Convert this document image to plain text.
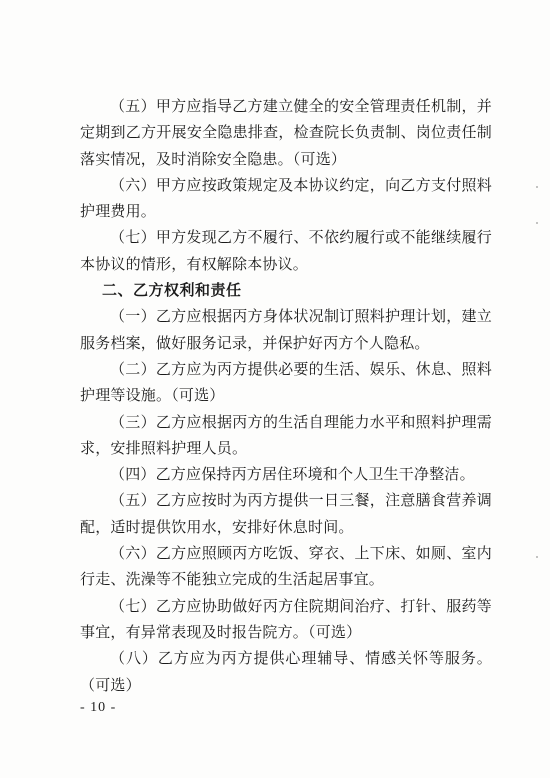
（五）甲方应指导乙方建立健全的安全管理责任机制，并定期到乙方开展安全隐患排查，检查院长负责制、岗位责任制落实情况，及时消除安全隐患。（可选）

（六）甲方应按政策规定及本协议约定，向乙方支付照料护理费用。

（七）甲方发现乙方不履行、不依约履行或不能继续履行本协议的情形，有权解除本协议。

二、乙方权利和责任

（一）乙方应根据丙方身体状况制订照料护理计划，建立服务档案，做好服务记录，并保护好丙方个人隐私。

（二）乙方应为丙方提供必要的生活、娱乐、休息、照料护理等设施。（可选）

（三）乙方应根据丙方的生活自理能力水平和照料护理需求，安排照料护理人员。

（四）乙方应保持丙方居住环境和个人卫生干净整洁。

（五）乙方应按时为丙方提供一日三餐，注意膳食营养调配，适时提供饮用水，安排好休息时间。

（六）乙方应照顾丙方吃饭、穿衣、上下床、如厕、室内行走、洗澡等不能独立完成的生活起居事宜。

（七）乙方应协助做好丙方住院期间治疗、打针、服药等事宜，有异常表现及时报告院方。（可选）

（八）乙方应为丙方提供心理辅导、情感关怀等服务。（可选）

- 10 -
